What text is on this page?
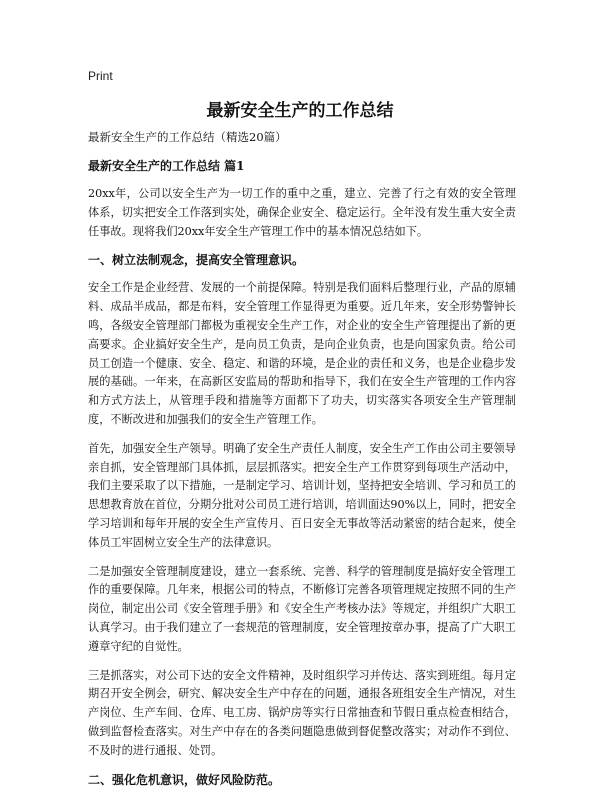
Print
最新安全生产的工作总结
最新安全生产的工作总结（精选20篇）
最新安全生产的工作总结 篇1
20xx年，公司以安全生产为一切工作的重中之重，建立、完善了行之有效的安全管理体系，切实把安全工作落到实处，确保企业安全、稳定运行。全年没有发生重大安全责任事故。现将我们20xx年安全生产管理工作中的基本情况总结如下。
一、树立法制观念，提高安全管理意识。
安全工作是企业经营、发展的一个前提保障。特别是我们面料后整理行业，产品的原辅料、成品半成品，都是布料，安全管理工作显得更为重要。近几年来，安全形势警钟长鸣，各级安全管理部门都极为重视安全生产工作，对企业的安全生产管理提出了新的更高要求。企业搞好安全生产，是向员工负责，是向企业负责，也是向国家负责。给公司员工创造一个健康、安全、稳定、和谐的环境，是企业的责任和义务，也是企业稳步发展的基础。一年来，在高新区安监局的帮助和指导下，我们在安全生产管理的工作内容和方式方法上，从管理手段和措施等方面都下了功夫，切实落实各项安全生产管理制度，不断改进和加强我们的安全生产管理工作。
首先，加强安全生产领导。明确了安全生产责任人制度，安全生产工作由公司主要领导亲自抓，安全管理部门具体抓，层层抓落实。把安全生产工作贯穿到每项生产活动中，我们主要采取了以下措施，一是制定学习、培训计划，坚持把安全培训、学习和员工的思想教育放在首位，分期分批对公司员工进行培训，培训面达90%以上，同时，把安全学习培训和每年开展的安全生产宣传月、百日安全无事故等活动紧密的结合起来，使全体员工牢固树立安全生产的法律意识。
二是加强安全管理制度建设，建立一套系统、完善、科学的管理制度是搞好安全管理工作的重要保障。几年来，根据公司的特点，不断修订完善各项管理规定按照不同的生产岗位，制定出公司《安全管理手册》和《安全生产考核办法》等规定，并组织广大职工认真学习。由于我们建立了一套规范的管理制度，安全管理按章办事，提高了广大职工遵章守纪的自觉性。
三是抓落实，对公司下达的安全文件精神，及时组织学习并传达、落实到班组。每月定期召开安全例会，研究、解决安全生产中存在的问题，通报各班组安全生产情况，对生产岗位、生产车间、仓库、电工房、锅炉房等实行日常抽查和节假日重点检查相结合，做到监督检查落实。对生产中存在的各类问题隐患做到督促整改落实；对动作不到位、不及时的进行通报、处罚。
二、强化危机意识，做好风险防范。
